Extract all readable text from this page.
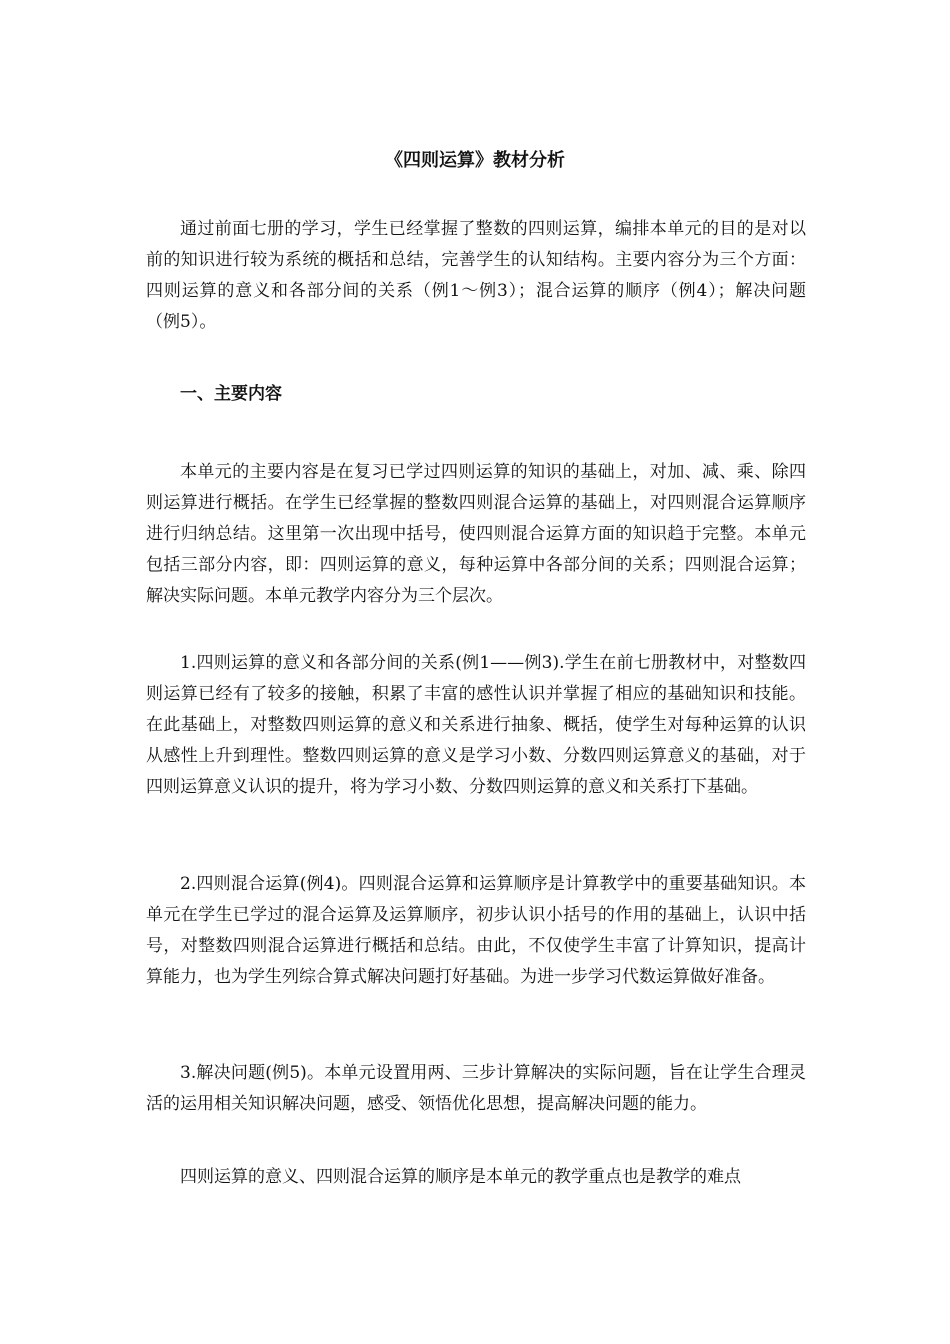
《四则运算》教材分析

通过前面七册的学习，学生已经掌握了整数的四则运算，编排本单元的目的是对以前的知识进行较为系统的概括和总结，完善学生的认知结构。主要内容分为三个方面：四则运算的意义和各部分间的关系（例1～例3）；混合运算的顺序（例4）；解决问题（例5）。

一、主要内容

本单元的主要内容是在复习已学过四则运算的知识的基础上，对加、减、乘、除四则运算进行概括。在学生已经掌握的整数四则混合运算的基础上，对四则混合运算顺序进行归纳总结。这里第一次出现中括号，使四则混合运算方面的知识趋于完整。本单元包括三部分内容，即：四则运算的意义，每种运算中各部分间的关系；四则混合运算；解决实际问题。本单元教学内容分为三个层次。

1.四则运算的意义和各部分间的关系(例1——例3).学生在前七册教材中，对整数四则运算已经有了较多的接触，积累了丰富的感性认识并掌握了相应的基础知识和技能。在此基础上，对整数四则运算的意义和关系进行抽象、概括，使学生对每种运算的认识从感性上升到理性。整数四则运算的意义是学习小数、分数四则运算意义的基础，对于四则运算意义认识的提升，将为学习小数、分数四则运算的意义和关系打下基础。

2.四则混合运算(例4)。四则混合运算和运算顺序是计算教学中的重要基础知识。本单元在学生已学过的混合运算及运算顺序，初步认识小括号的作用的基础上，认识中括号，对整数四则混合运算进行概括和总结。由此，不仅使学生丰富了计算知识，提高计算能力，也为学生列综合算式解决问题打好基础。为进一步学习代数运算做好准备。

3.解决问题(例5)。本单元设置用两、三步计算解决的实际问题，旨在让学生合理灵活的运用相关知识解决问题，感受、领悟优化思想，提高解决问题的能力。

四则运算的意义、四则混合运算的顺序是本单元的教学重点也是教学的难点
